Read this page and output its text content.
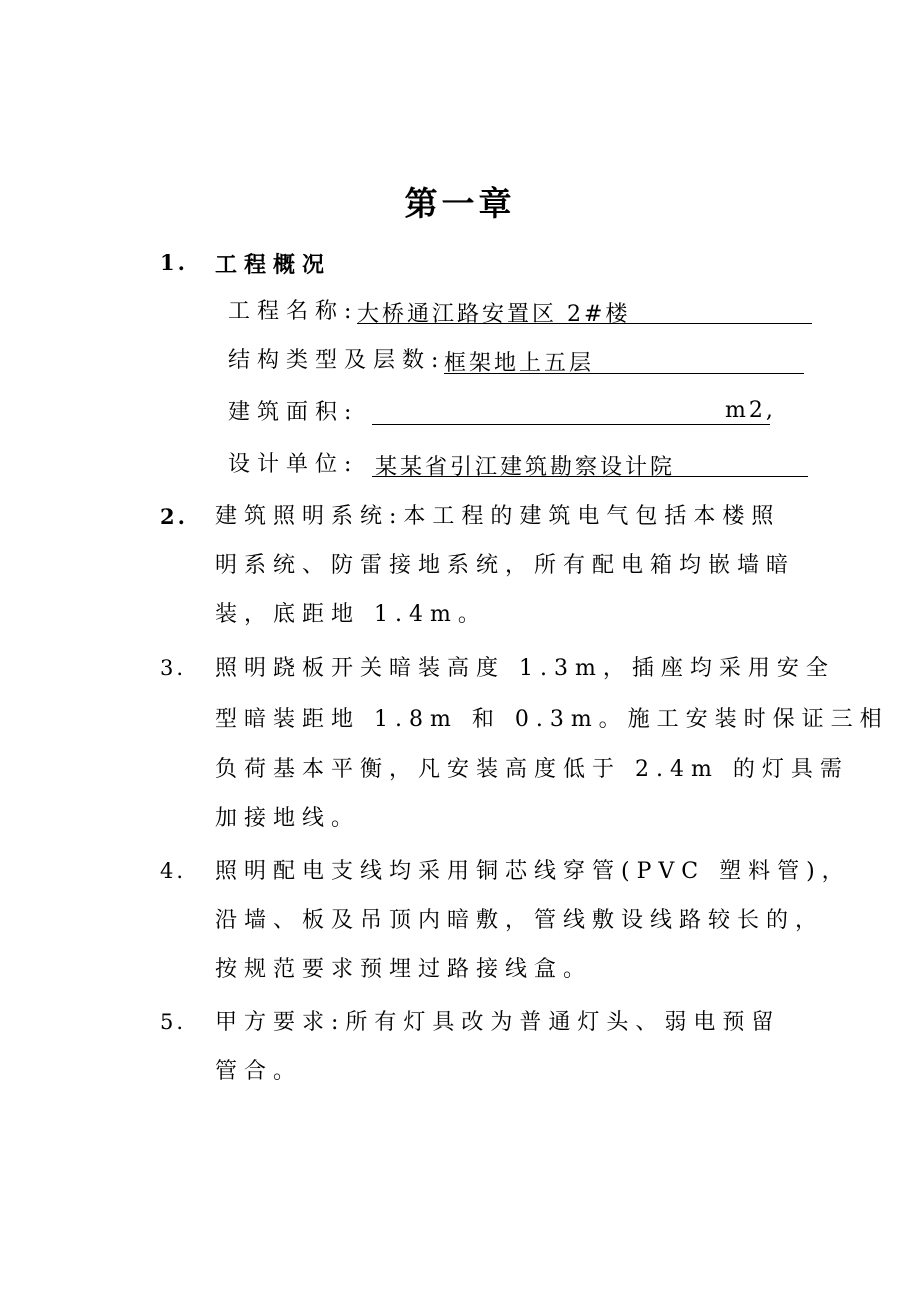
第一章
1. 工程概况
工程名称:
大桥通江路安置区 2#楼
结构类型及层数:
框架地上五层
建筑面积:	m2,
设计单位: 某某省引江建筑勘察设计院
2. 建筑照明系统:本工程的建筑电气包括本楼照
明系统、防雷接地系统，所有配电箱均嵌墙暗
装，底距地 1.4m。
3. 照明跷板开关暗装高度 1.3m，插座均采用安全
型暗装距地 1.8m 和 0.3m。施工安装时保证三相
负荷基本平衡，凡安装高度低于 2.4m 的灯具需
加接地线。
4. 照明配电支线均采用铜芯线穿管(PVC 塑料管)，
沿墙、板及吊顶内暗敷，管线敷设线路较长的，
按规范要求预埋过路接线盒。
5. 甲方要求:所有灯具改为普通灯头、弱电预留
管合。
